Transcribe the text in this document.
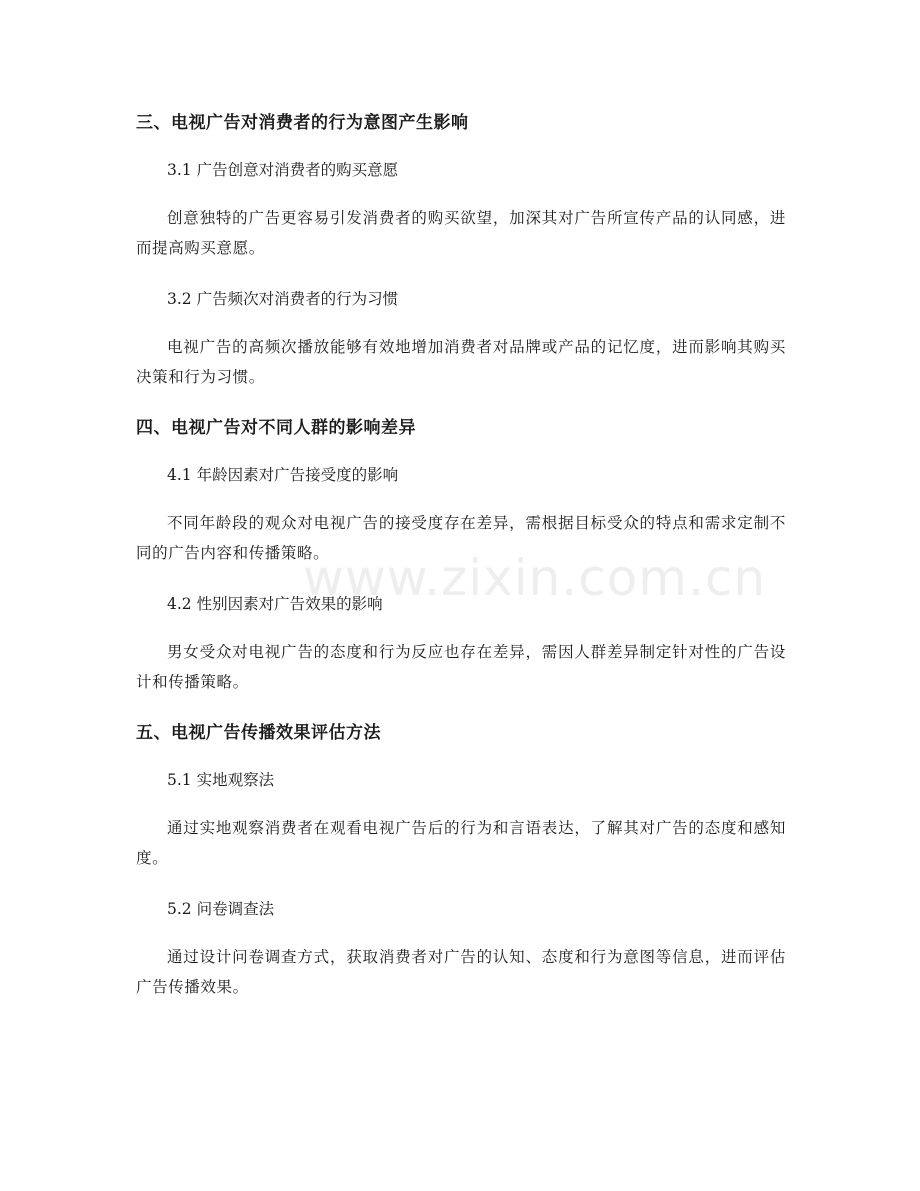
三、电视广告对消费者的行为意图产生影响
3.1 广告创意对消费者的购买意愿
创意独特的广告更容易引发消费者的购买欲望，加深其对广告所宣传产品的认同感，进而提高购买意愿。
3.2 广告频次对消费者的行为习惯
电视广告的高频次播放能够有效地增加消费者对品牌或产品的记忆度，进而影响其购买决策和行为习惯。
四、电视广告对不同人群的影响差异
4.1 年龄因素对广告接受度的影响
不同年龄段的观众对电视广告的接受度存在差异，需根据目标受众的特点和需求定制不同的广告内容和传播策略。
4.2 性别因素对广告效果的影响
男女受众对电视广告的态度和行为反应也存在差异，需因人群差异制定针对性的广告设计和传播策略。
五、电视广告传播效果评估方法
5.1 实地观察法
通过实地观察消费者在观看电视广告后的行为和言语表达，了解其对广告的态度和感知度。
5.2 问卷调查法
通过设计问卷调查方式，获取消费者对广告的认知、态度和行为意图等信息，进而评估广告传播效果。
www.zixin.com.cn
